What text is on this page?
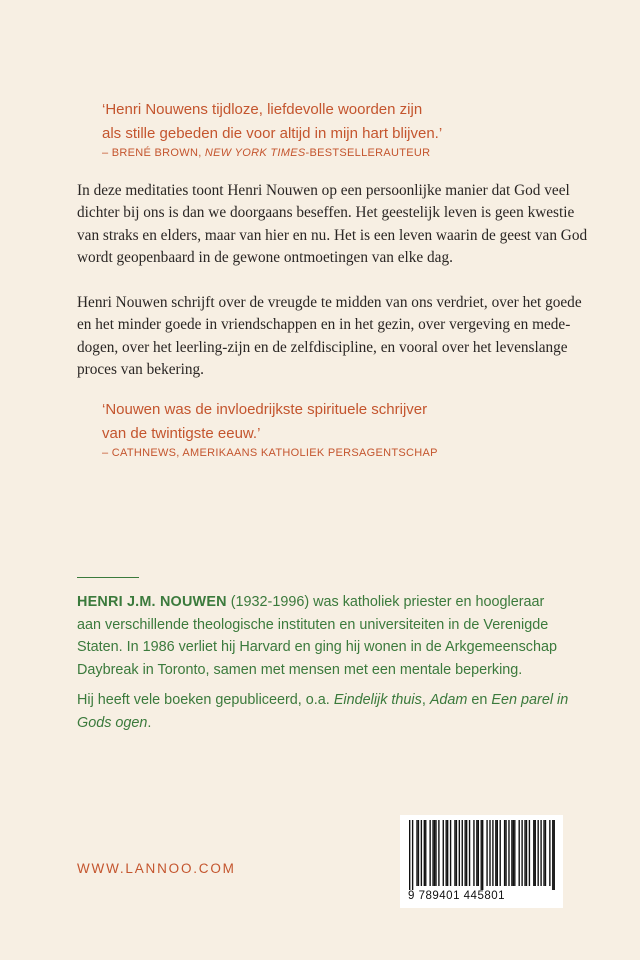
‘Henri Nouwens tijdloze, liefdevolle woorden zijn
als stille gebeden die voor altijd in mijn hart blijven.’
– BRENÉ BROWN, NEW YORK TIMES-BESTSELLERAUTEUR
In deze meditaties toont Henri Nouwen op een persoonlijke manier dat God veel
dichter bij ons is dan we doorgaans beseffen. Het geestelijk leven is geen kwestie
van straks en elders, maar van hier en nu. Het is een leven waarin de geest van God
wordt geopenbaard in de gewone ontmoetingen van elke dag.
Henri Nouwen schrijft over de vreugde te midden van ons verdriet, over het goede
en het minder goede in vriendschappen en in het gezin, over vergeving en mede-
dogen, over het leerling-zijn en de zelfdiscipline, en vooral over het levenslange
proces van bekering.
‘Nouwen was de invloedrijkste spirituele schrijver
van de twintigste eeuw.’
– CATHNEWS, AMERIKAANS KATHOLIEK PERSAGENTSCHAP
HENRI J.M. NOUWEN (1932-1996) was katholiek priester en hoogleraar
aan verschillende theologische instituten en universiteiten in de Verenigde
Staten. In 1986 verliet hij Harvard en ging hij wonen in de Arkgemeenschap
Daybreak in Toronto, samen met mensen met een mentale beperking.
Hij heeft vele boeken gepubliceerd, o.a. Eindelijk thuis, Adam en Een parel in
Gods ogen.
9 789401 445801
WWW.LANNOO.COM
